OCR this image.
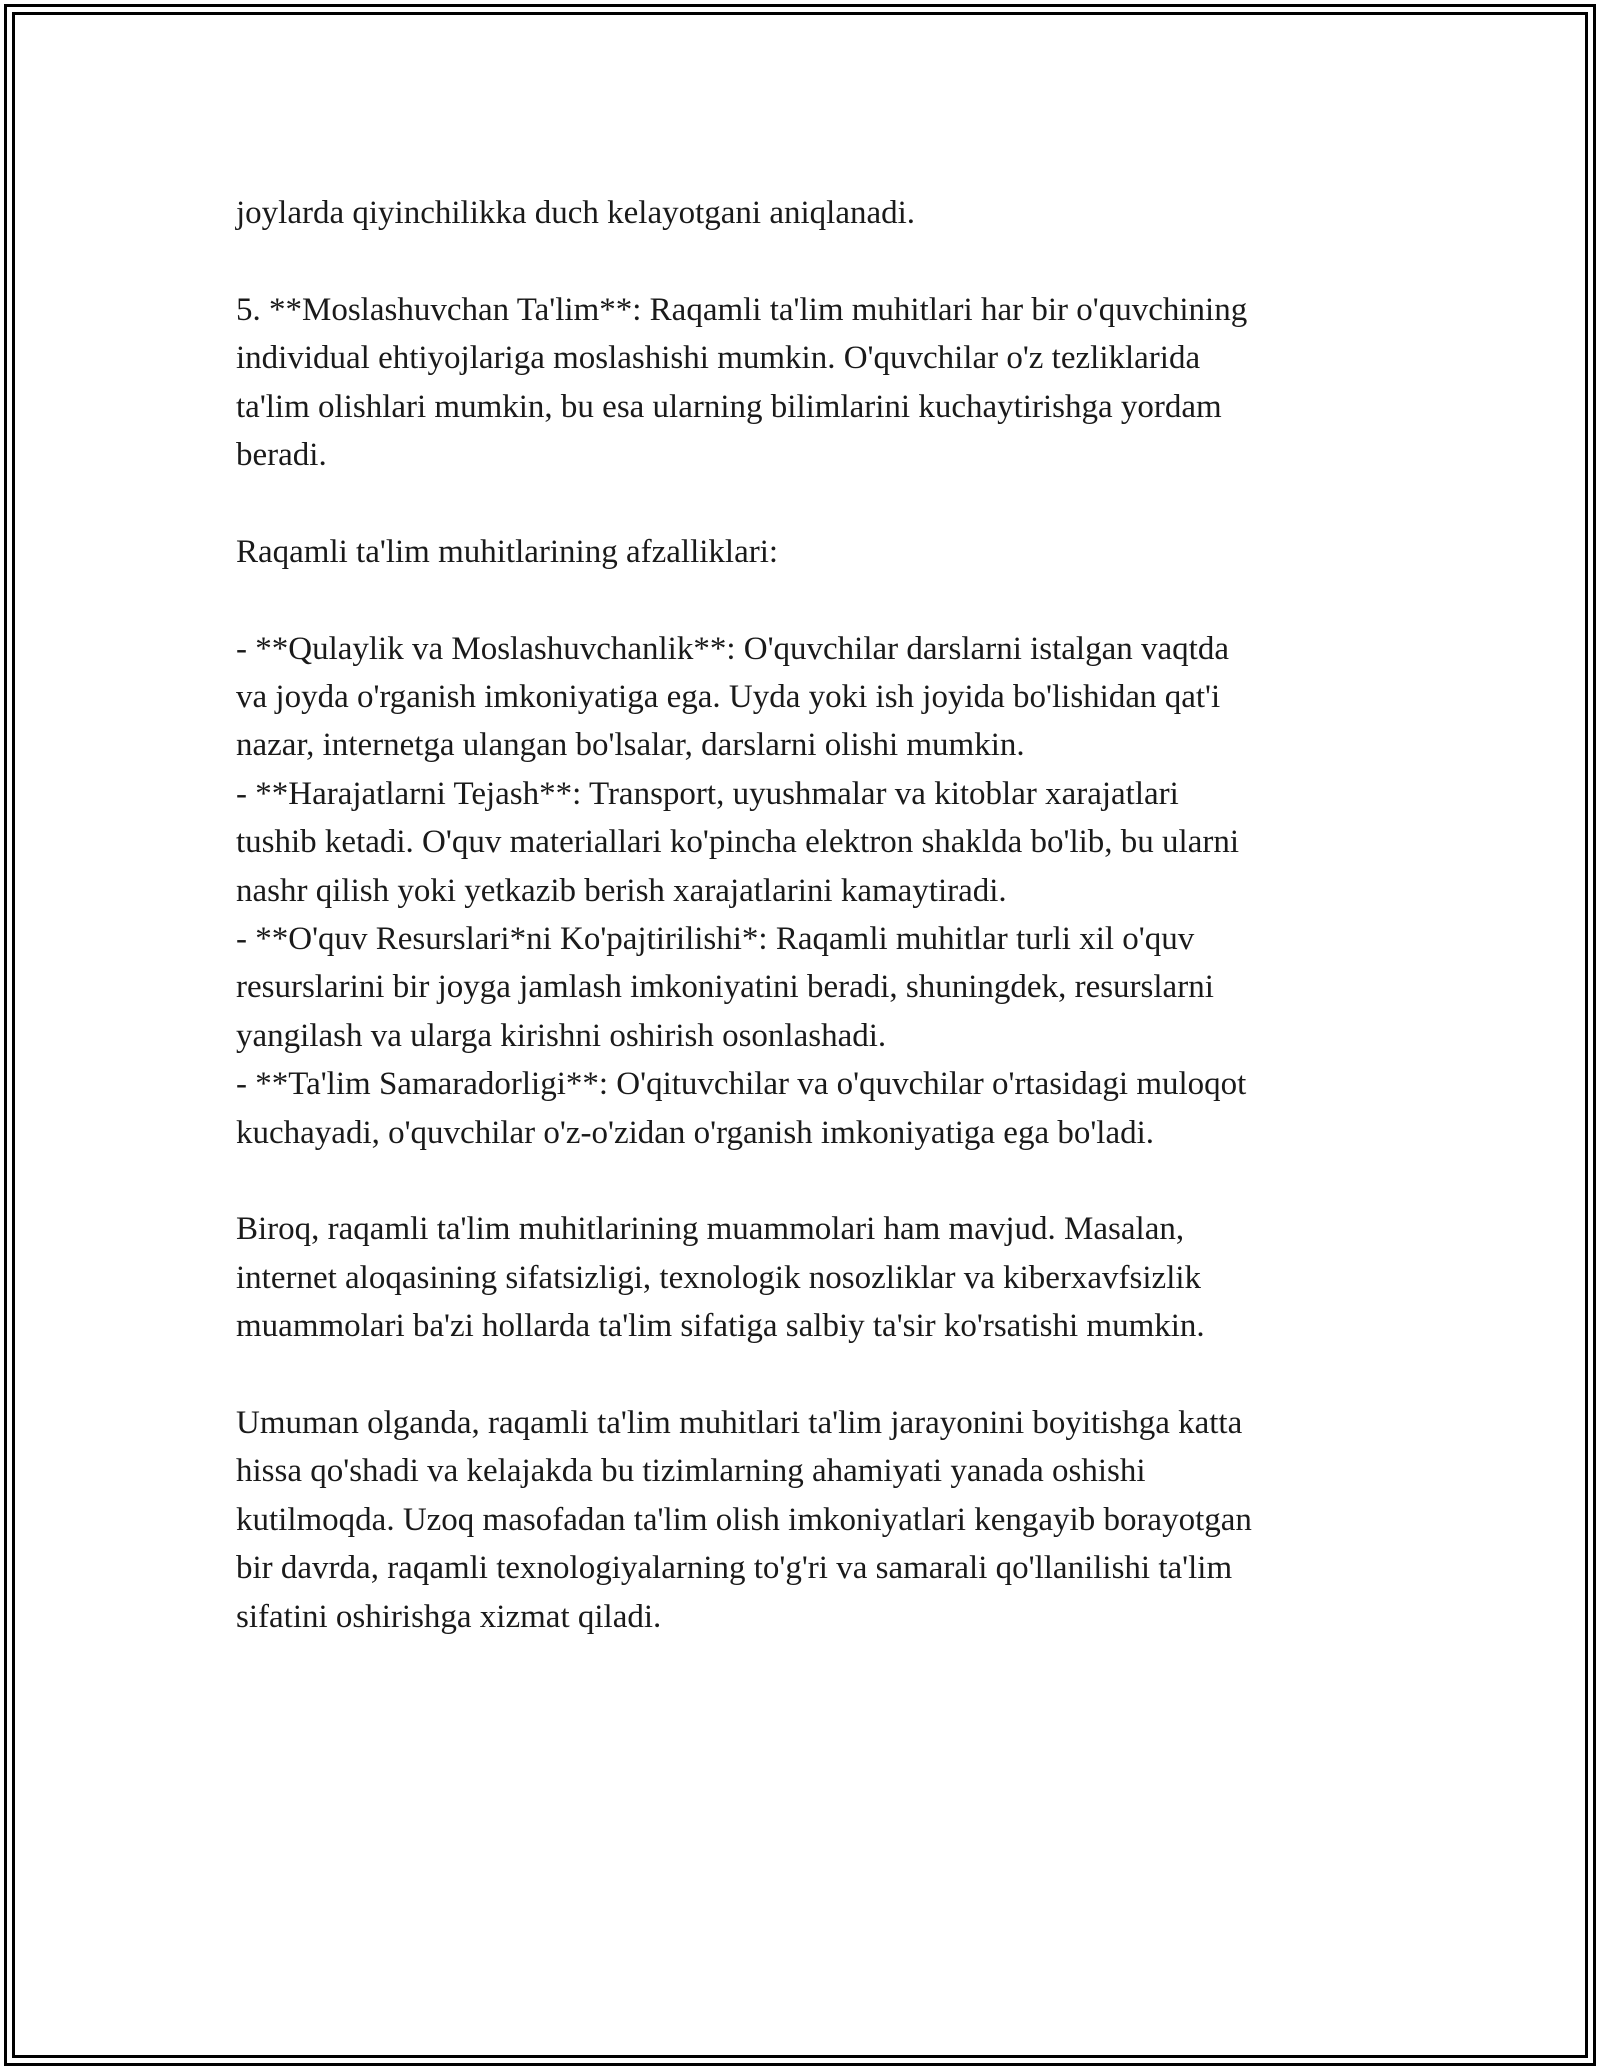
joylarda qiyinchilikka duch kelayotgani aniqlanadi.

5. **Moslashuvchan Ta'lim**: Raqamli ta'lim muhitlari har bir o'quvchining
individual ehtiyojlariga moslashishi mumkin. O'quvchilar o'z tezliklarida
ta'lim olishlari mumkin, bu esa ularning bilimlarini kuchaytirishga yordam
beradi.

Raqamli ta'lim muhitlarining afzalliklari:

- **Qulaylik va Moslashuvchanlik**: O'quvchilar darslarni istalgan vaqtda
va joyda o'rganish imkoniyatiga ega. Uyda yoki ish joyida bo'lishidan qat'i
nazar, internetga ulangan bo'lsalar, darslarni olishi mumkin.

- **Harajatlarni Tejash**: Transport, uyushmalar va kitoblar xarajatlari
tushib ketadi. O'quv materiallari ko'pincha elektron shaklda bo'lib, bu ularni
nashr qilish yoki yetkazib berish xarajatlarini kamaytiradi.

- **O'quv Resurslari*ni Ko'pajtirilishi*: Raqamli muhitlar turli xil o'quv
resurslarini bir joyga jamlash imkoniyatini beradi, shuningdek, resurslarni
yangilash va ularga kirishni oshirish osonlashadi.

- **Ta'lim Samaradorligi**: O'qituvchilar va o'quvchilar o'rtasidagi muloqot
kuchayadi, o'quvchilar o'z-o'zidan o'rganish imkoniyatiga ega bo'ladi.

Biroq, raqamli ta'lim muhitlarining muammolari ham mavjud. Masalan,
internet aloqasining sifatsizligi, texnologik nosozliklar va kiberxavfsizlik
muammolari ba'zi hollarda ta'lim sifatiga salbiy ta'sir ko'rsatishi mumkin.

Umuman olganda, raqamli ta'lim muhitlari ta'lim jarayonini boyitishga katta
hissa qo'shadi va kelajakda bu tizimlarning ahamiyati yanada oshishi
kutilmoqda. Uzoq masofadan ta'lim olish imkoniyatlari kengayib borayotgan
bir davrda, raqamli texnologiyalarning to'g'ri va samarali qo'llanilishi ta'lim
sifatini oshirishga xizmat qiladi.
